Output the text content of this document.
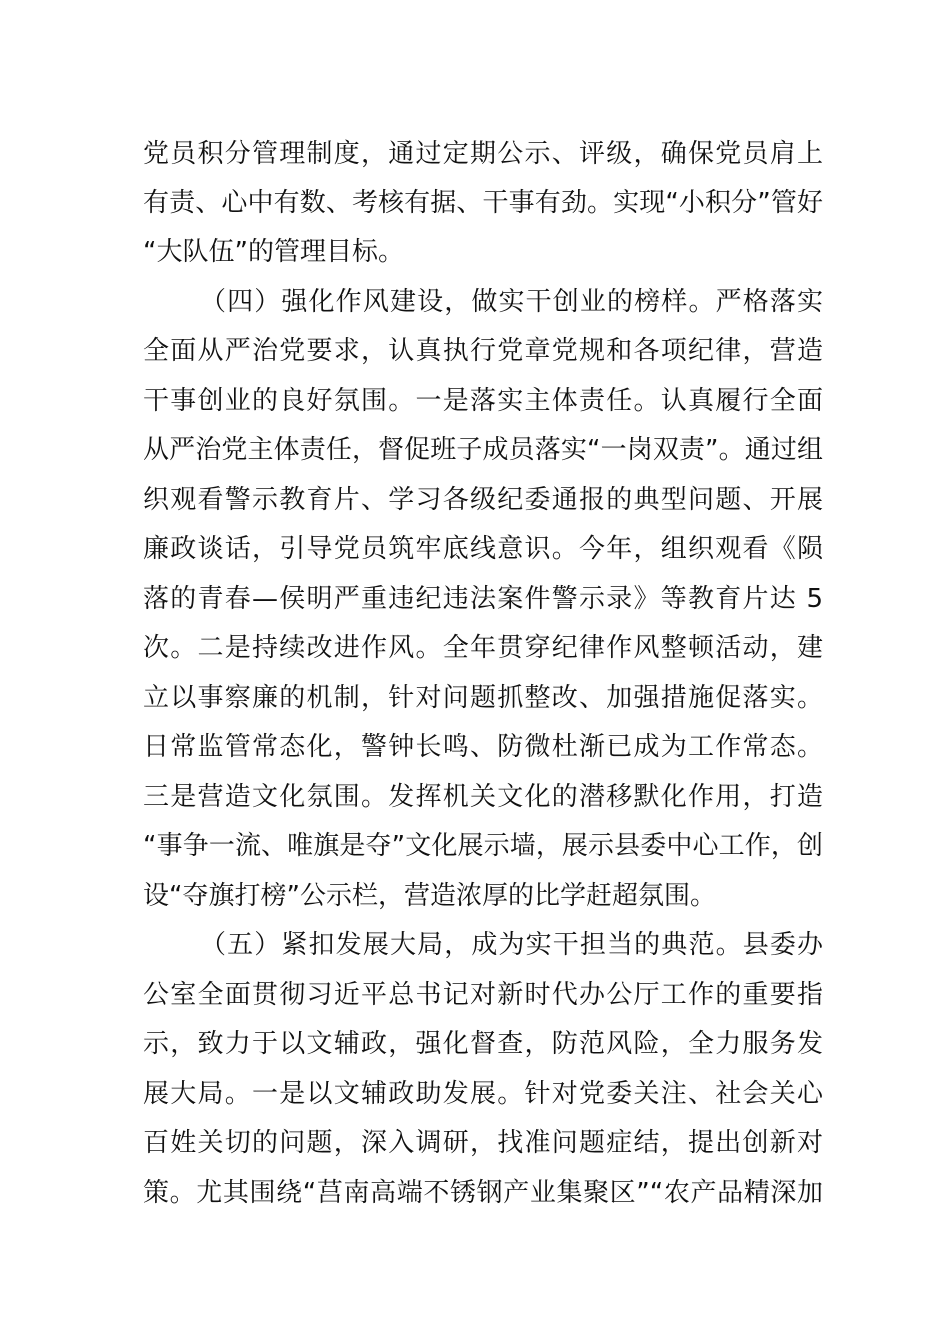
党员积分管理制度，通过定期公示、评级，确保党员肩上
有责、心中有数、考核有据、干事有劲。实现“小积分”管好
“大队伍”的管理目标。
（四）强化作风建设，做实干创业的榜样。严格落实
全面从严治党要求，认真执行党章党规和各项纪律，营造
干事创业的良好氛围。一是落实主体责任。认真履行全面
从严治党主体责任，督促班子成员落实“一岗双责”。通过组
织观看警示教育片、学习各级纪委通报的典型问题、开展
廉政谈话，引导党员筑牢底线意识。今年，组织观看《陨
落的青春—侯明严重违纪违法案件警示录》等教育片达 5
次。二是持续改进作风。全年贯穿纪律作风整顿活动，建
立以事察廉的机制，针对问题抓整改、加强措施促落实。
日常监管常态化，警钟长鸣、防微杜渐已成为工作常态。
三是营造文化氛围。发挥机关文化的潜移默化作用，打造
“事争一流、唯旗是夺”文化展示墙，展示县委中心工作，创
设“夺旗打榜”公示栏，营造浓厚的比学赶超氛围。
（五）紧扣发展大局，成为实干担当的典范。县委办
公室全面贯彻习近平总书记对新时代办公厅工作的重要指
示，致力于以文辅政，强化督查，防范风险，全力服务发
展大局。一是以文辅政助发展。针对党委关注、社会关心
百姓关切的问题，深入调研，找准问题症结，提出创新对
策。尤其围绕“莒南高端不锈钢产业集聚区”“农产品精深加
